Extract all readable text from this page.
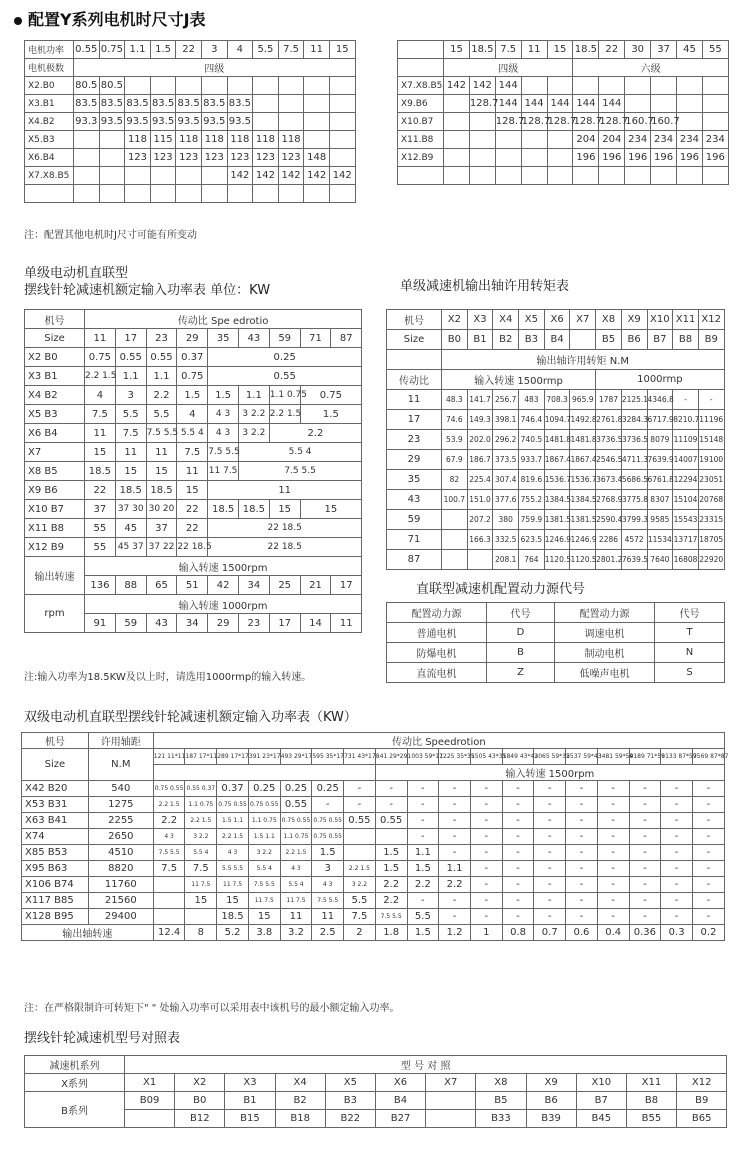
配置Y系列电机时尺寸J表
电机功率	0.55	0.75	1.1	1.5	22	3	4	5.5	7.5	11	15
电机极数	四级										
X2.B0	80.5	80.5									
X3.B1	83.5	83.5	83.5	83.5	83.5	83.5	83.5				
X4.B2	93.3	93.5	93.5	93.5	93.5	93.5	93.5				
X5.B3			118	115	118	118	118	118	118		
X6.B4			123	123	123	123	123	123	123	148	
X7.X8.B5							142	142	142	142	142

	15	18.5	7.5	11	15	18.5	22	30	37	45	55
	四级					六级					
X7.X8.B5	142	142	144								
X9.B6		128.7	144	144	144	144	144				
X10.B7			128.7	128.7	128.7	128.7	128.7	160.7	160.7		
X11.B8						204	204	234	234	234	234
X12.B9						196	196	196	196	196	196

注：配置其他电机时J尺寸可能有所变动
单级电动机直联型
摆线针轮减速机额定输入功率表 单位：KW
机号	传动比 Spe edrotio								
Size	11	17	23	29	35	43	59	71	87
X2 B0	0.75	0.55	0.55	0.37	0.25				
X3 B1	2.2 1.5	1.1	1.1	0.75	0.55				
X4 B2	4	3	2.2	1.5	1.5	1.1	1.1 0.75	0.75	
X5 B3	7.5	5.5	5.5	4	4 3	3 2.2	2.2 1.5	1.5	
X6 B4	11	7.5	7.5 5.5	5.5 4	4 3	3 2.2	2.2		
X7	15	11	11	7.5	7.5 5.5	5.5 4			
X8 B5	18.5	15	15	11	11 7.5	7.5 5.5			
X9 B6	22	18.5	18.5	15	11				
X10 B7	37	37 30	30 20	22	18.5	18.5	15	15	
X11 B8	55	45	37	22	22 18.5				
X12 B9	55	45 37	37 22	22 18.5	22 18.5				
输出转速	输入转速 1500rpm								
	136	88	65	51	42	34	25	21	17
rpm	输入转速 1000rpm								
	91	59	43	34	29	23	17	14	11
注:输入功率为18.5KW及以上时，请选用1000rmp的输入转速。
单级减速机输出轴许用转矩表
机号	X2	X3	X4	X5	X6	X7	X8	X9	X10	X11	X12
Size	B0	B1	B2	B3	B4		B5	B6	B7	B8	B9
	输出轴许用转矩 N.M										
传动比	输入转速 1500rmp						1000rmp				
11	48.3	141.7	256.7	483	708.3	965.9	1787	2125.1	4346.8	-	-
17	74.6	149.3	398.1	746.4	1094.7	1492.8	2761.8	3284.3	6717.9	8210.7	11196
23	53.9	202.0	296.2	740.5	1481.8	1481.8	3736.5	3736.5	8079	11109	15148
29	67.9	186.7	373.5	933.7	1867.4	1867.4	2546.5	4711.3	7639.9	14007	19100
35	82	225.4	307.4	819.6	1536.7	1536.7	3673.4	5686.5	6761.8	12294	23051
43	100.7	151.0	377.6	755.2	1384.5	1384.5	2768.9	3775.8	8307	15104	20768
59		207.2	380	759.9	1381.5	1381.5	2590.4	3799.3	9585	15543	23315
71		166.3	332.5	623.5	1246.9	1246.9	2286	4572	11534	13717	18705
87			208.1	764	1120.5	1120.5	2801.2	7639.5	7640	16808	22920
直联型减速机配置动力源代号
配置动力源	代号	配置动力源	代号
普通电机	D	调速电机	T
防爆电机	B	制动电机	N
直流电机	Z	低噪声电机	S
双级电动机直联型摆线针轮减速机额定输入功率表（KW）
机号	许用轴距	传动比 Speedrotion																	
Size	N.M	121 11*11	187 17*11	289 17*17	391 23*17	493 29*17	595 35*17	731 43*17	841 29*29	1003 59*17	1225 35*35	1505 43*35	1849 43*43	2065 59*35	2537 59*43	3481 59*59	4189 71*59	5133 87*59	7569 87*87
									输入转速 1500rpm										
X42 B20	540	0.75 0.55	0.55 0.37	0.37	0.25	0.25	0.25	-	-	-	-	-	-	-	-	-	-	-	-
X53 B31	1275	2.2 1.5	1.1 0.75	0.75 0.55	0.75 0.55	0.55	-	-	-	-	-	-	-	-	-	-	-	-	-
X63 B41	2255	2.2	2.2 1.5	1.5 1.1	1.1 0.75	0.75 0.55	0.75 0.55	0.55	0.55	-	-	-	-	-	-	-	-	-	-
X74	2650	4 3	3 2.2	2.2 1.5	1.5 1.1	1.1 0.75	0.75 0.55			-	-	-	-	-	-	-	-	-	-
X85 B53	4510	7.5 5.5	5.5 4	4 3	3 2.2	2.2 1.5	1.5		1.5	1.1	-	-	-	-	-	-	-	-	-
X95 B63	8820	7.5	7.5	5.5 5.5	5.5 4	4 3	3	2.2 1.5	1.5	1.5	1.1	-	-	-	-	-	-	-	-
X106 B74	11760		11 7.5	11 7.5	7.5 5.5	5.5 4	4 3	3 2.2	2.2	2.2	2.2	-	-	-	-	-	-	-	-
X117 B85	21560		15	15	11 7.5	11 7.5	7.5 5.5	5.5	2.2	-	-	-	-	-	-	-	-	-	-
X128 B95	29400			18.5	15	11	11	7.5	7.5 5.5	5.5	-	-	-	-	-	-	-	-	-
输出轴转速		12.4	8	5.2	3.8	3.2	2.5	2	1.8	1.5	1.2	1	0.8	0.7	0.6	0.4	0.36	0.3	0.2
注：在严格限制许可转矩下" " 处输入功率可以采用表中该机号的最小额定输入功率。
摆线针轮减速机型号对照表
减速机系列	型 号 对 照											
X系列	X1	X2	X3	X4	X5	X6	X7	X8	X9	X10	X11	X12
B系列	B09	B0	B1	B2	B3	B4		B5	B6	B7	B8	B9
		B12	B15	B18	B22	B27		B33	B39	B45	B55	B65
